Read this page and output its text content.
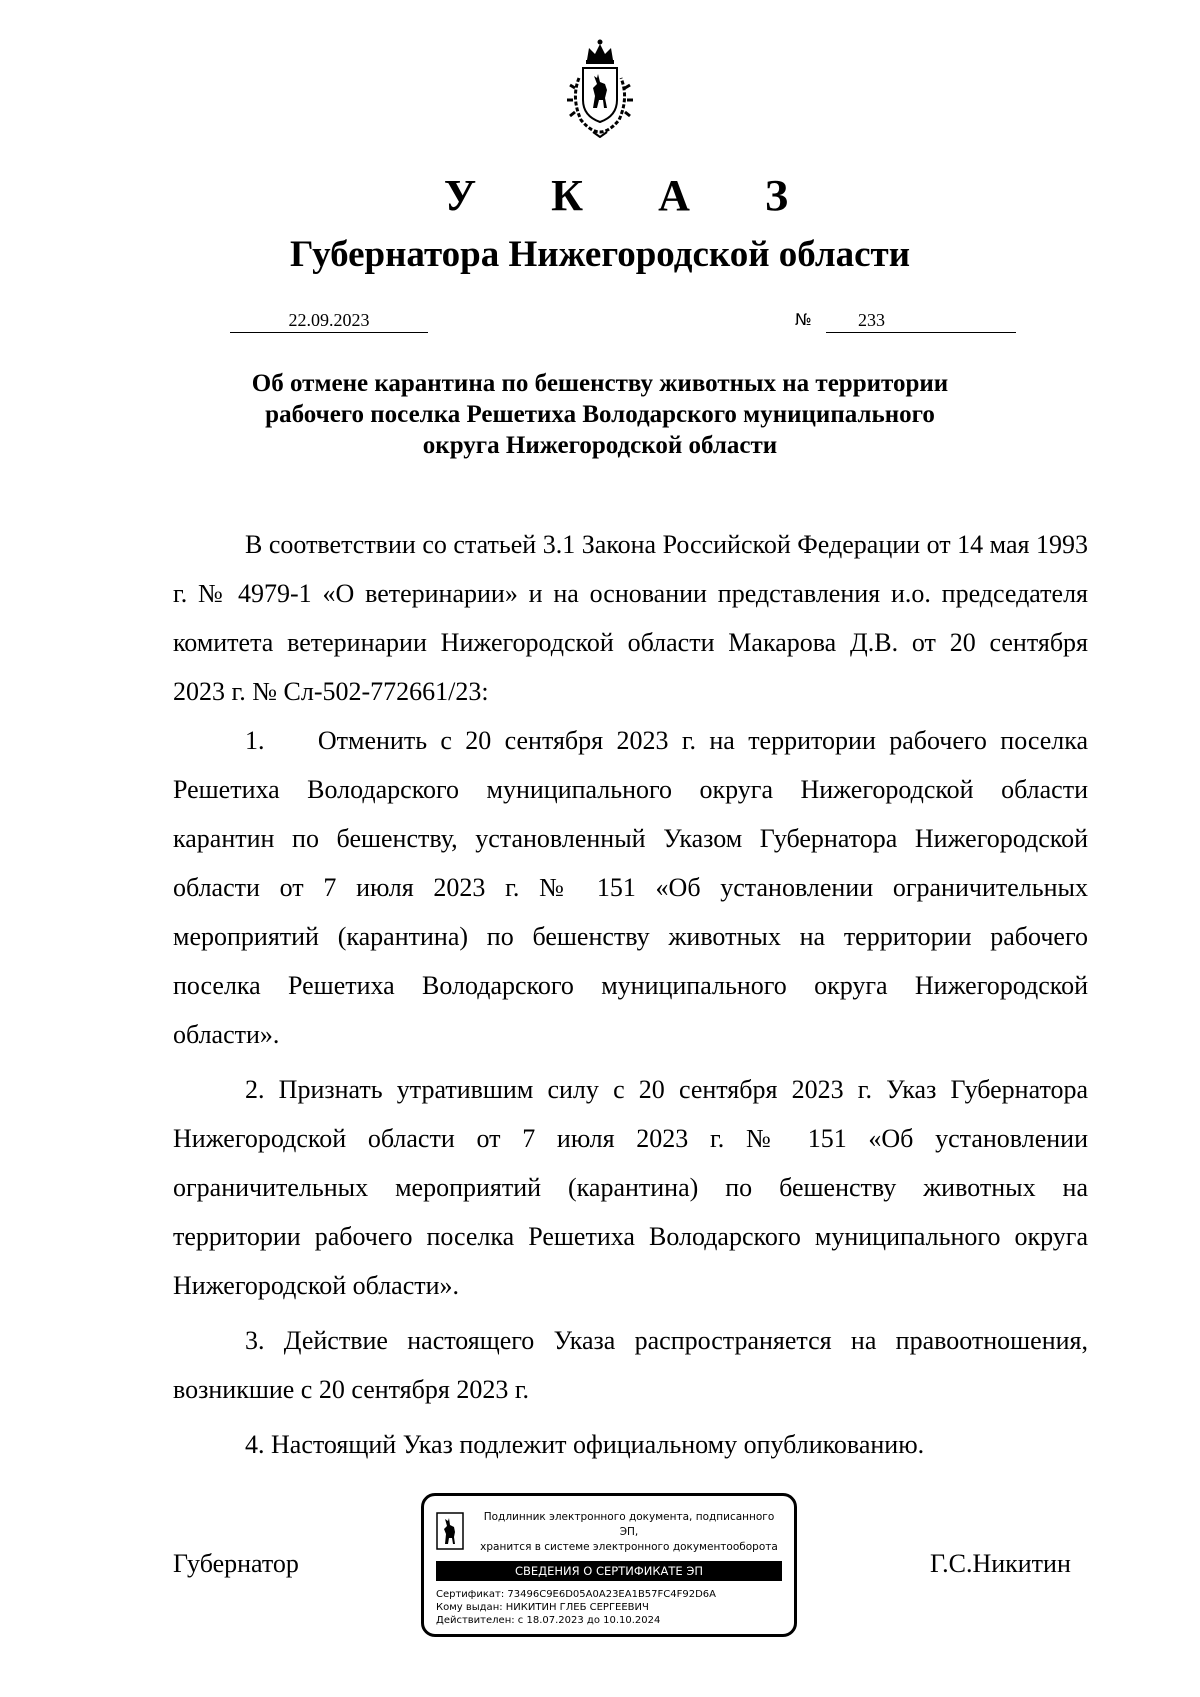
У К А З
Губернатора Нижегородской области
22.09.2023	№	233
Об отмене карантина по бешенству животных на территории
рабочего поселка Решетиха Володарского муниципального
округа Нижегородской области

В соответствии со статьей 3.1 Закона Российской Федерации от 14 мая 1993 г. № 4979-1 «О ветеринарии» и на основании представления и.о. председателя комитета ветеринарии Нижегородской области Макарова Д.В. от 20 сентября 2023 г. № Сл-502-772661/23:

1.    Отменить с 20 сентября 2023 г. на территории рабочего поселка Решетиха Володарского муниципального округа Нижегородской области карантин по бешенству, установленный Указом Губернатора Нижегородской области от 7 июля 2023 г. № 151 «Об установлении ограничительных мероприятий (карантина) по бешенству животных на территории рабочего поселка Решетиха Володарского муниципального округа Нижегородской области».

2. Признать утратившим силу с 20 сентября 2023 г. Указ Губернатора Нижегородской области от 7 июля 2023 г. № 151 «Об установлении ограничительных мероприятий (карантина) по бешенству животных на территории рабочего поселка Решетиха Володарского муниципального округа Нижегородской области».

3. Действие настоящего Указа распространяется на правоотношения, возникшие с 20 сентября 2023 г.

4. Настоящий Указ подлежит официальному опубликованию.

Губернатор	Г.С.Никитин
Подлинник электронного документа, подписанного ЭП,
хранится в системе электронного документооборота
СВЕДЕНИЯ О СЕРТИФИКАТЕ ЭП
Сертификат: 73496C9E6D05A0A23EA1B57FC4F92D6A
Кому выдан: НИКИТИН ГЛЕБ СЕРГЕЕВИЧ
Действителен: с 18.07.2023 до 10.10.2024
